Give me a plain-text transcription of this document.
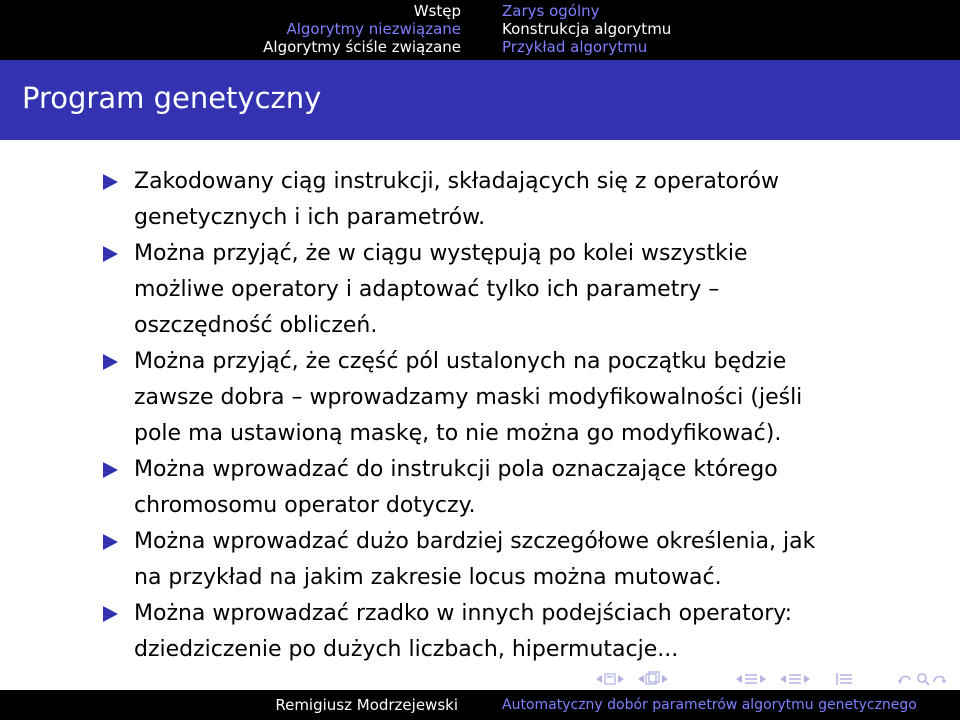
Wstęp
Algorytmy niezwiązane
Algorytmy ściśle związane
Zarys ogólny
Konstrukcja algorytmu
Przykład algorytmu
Program genetyczny
Zakodowany ciąg instrukcji, składających się z operatorów
genetycznych i ich parametrów.
Można przyjąć, że w ciągu występują po kolei wszystkie
możliwe operatory i adaptować tylko ich parametry –
oszczędność obliczeń.
Można przyjąć, że część pól ustalonych na początku będzie
zawsze dobra – wprowadzamy maski modyfikowalności (jeśli
pole ma ustawioną maskę, to nie można go modyfikować).
Można wprowadzać do instrukcji pola oznaczające którego
chromosomu operator dotyczy.
Można wprowadzać dużo bardziej szczegółowe określenia, jak
na przykład na jakim zakresie locus można mutować.
Można wprowadzać rzadko w innych podejściach operatory:
dziedziczenie po dużych liczbach, hipermutacje...
Remigiusz Modrzejewski	Automatyczny dobór parametrów algorytmu genetycznego
